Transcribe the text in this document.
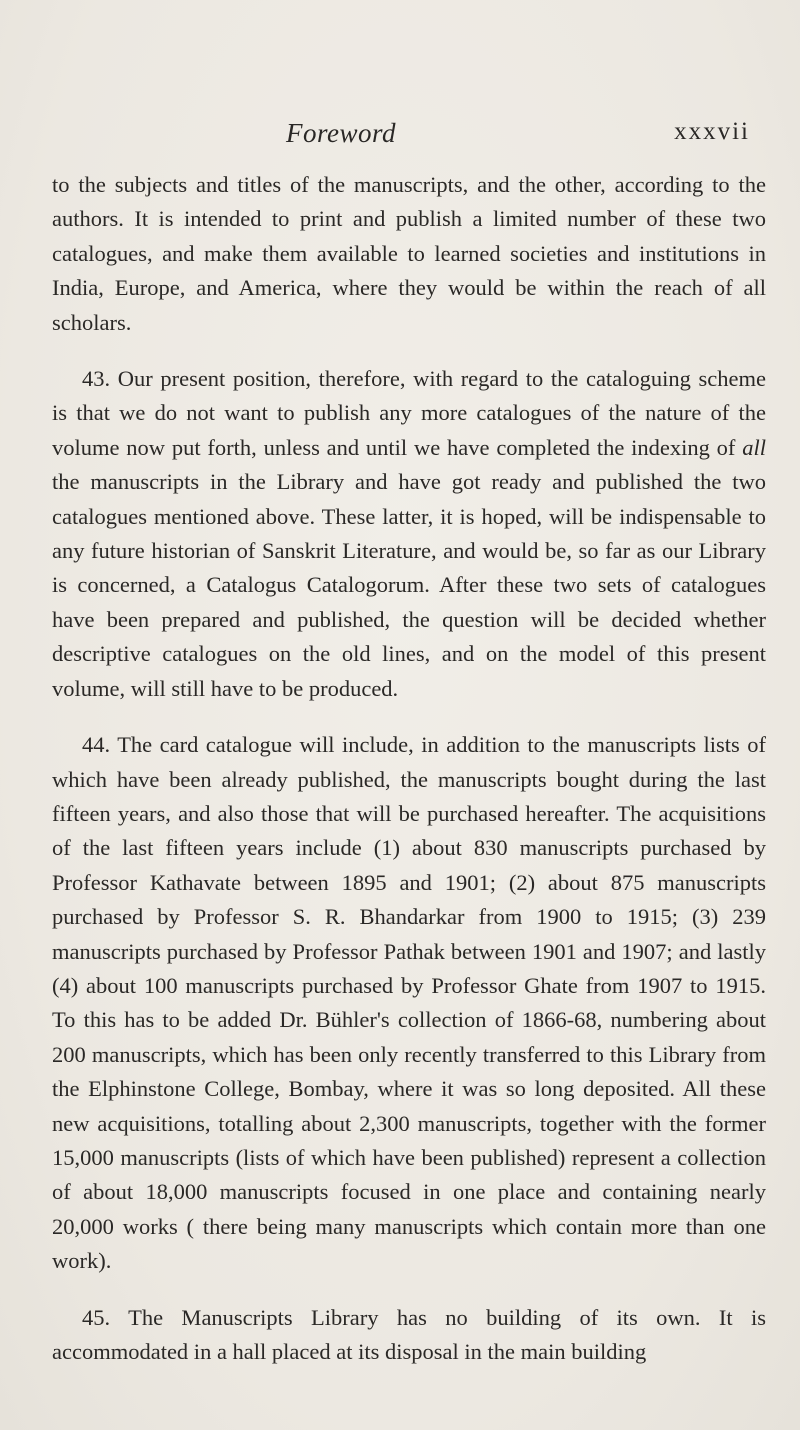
Foreword	xxxvii

to the subjects and titles of the manuscripts, and the other, according to the authors. It is intended to print and publish a limited number of these two catalogues, and make them available to learned societies and institutions in India, Europe, and America, where they would be within the reach of all scholars.

43. Our present position, therefore, with regard to the cataloguing scheme is that we do not want to publish any more catalogues of the nature of the volume now put forth, unless and until we have completed the indexing of all the manuscripts in the Library and have got ready and published the two catalogues mentioned above. These latter, it is hoped, will be indispensable to any future historian of Sanskrit Literature, and would be, so far as our Library is concerned, a Catalogus Catalogorum. After these two sets of catalogues have been prepared and published, the question will be decided whether descriptive catalogues on the old lines, and on the model of this present volume, will still have to be produced.

44. The card catalogue will include, in addition to the manuscripts lists of which have been already published, the manuscripts bought during the last fifteen years, and also those that will be purchased hereafter. The acquisitions of the last fifteen years include (1) about 830 manuscripts purchased by Professor Kathavate between 1895 and 1901; (2) about 875 manuscripts purchased by Professor S. R. Bhandarkar from 1900 to 1915; (3) 239 manuscripts purchased by Professor Pathak between 1901 and 1907; and lastly (4) about 100 manuscripts purchased by Professor Ghate from 1907 to 1915. To this has to be added Dr. Bühler's collection of 1866-68, numbering about 200 manuscripts, which has been only recently transferred to this Library from the Elphinstone College, Bombay, where it was so long deposited. All these new acquisitions, totalling about 2,300 manuscripts, together with the former 15,000 manuscripts (lists of which have been published) represent a collection of about 18,000 manuscripts focused in one place and containing nearly 20,000 works ( there being many manuscripts which contain more than one work).

45. The Manuscripts Library has no building of its own. It is accommodated in a hall placed at its disposal in the main building
